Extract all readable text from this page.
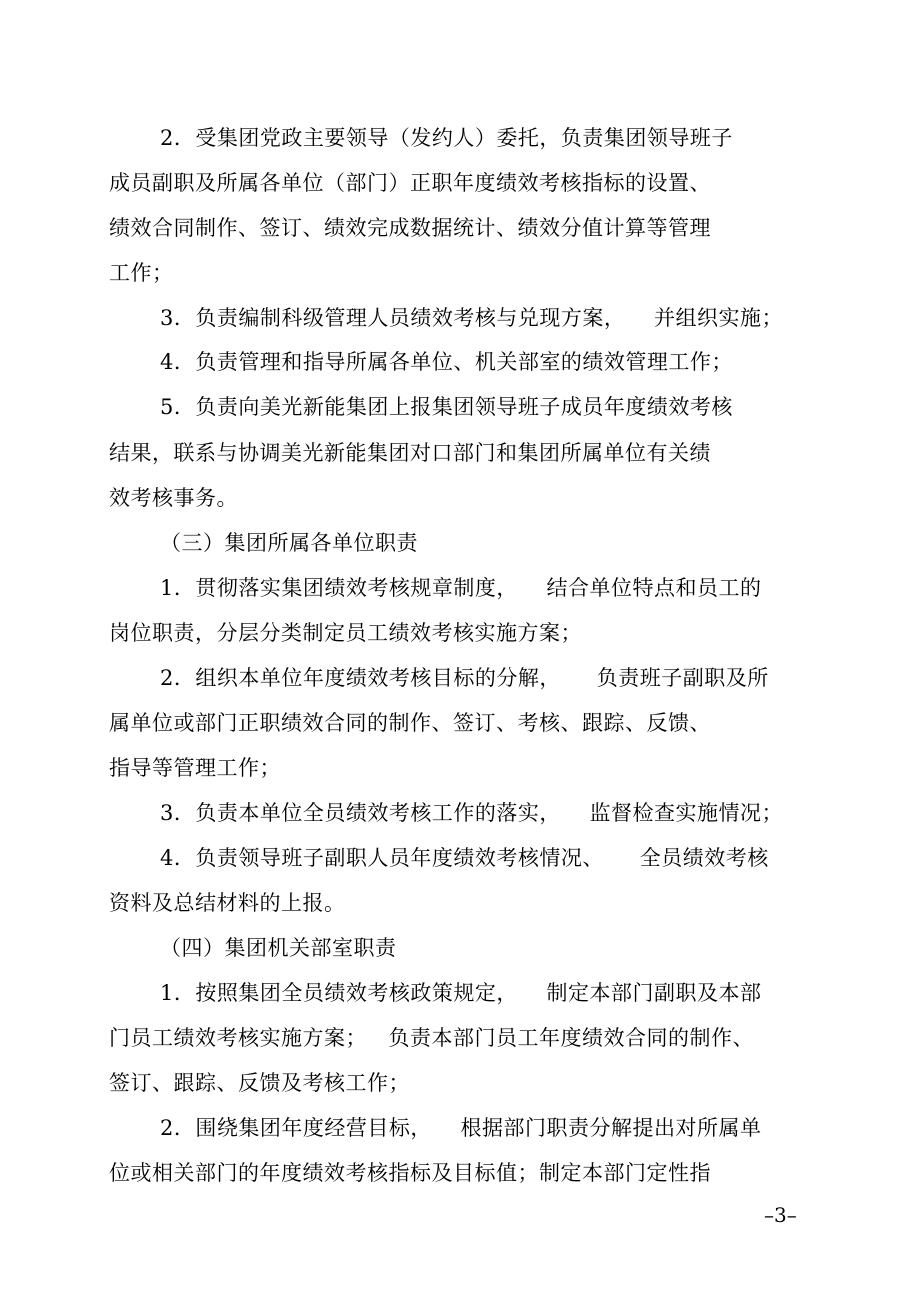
2．受集团党政主要领导（发约人）委托，负责集团领导班子
成员副职及所属各单位（部门）正职年度绩效考核指标的设置、
绩效合同制作、签订、绩效完成数据统计、绩效分值计算等管理
工作；
3．负责编制科级管理人员绩效考核与兑现方案，    并组织实施；
4．负责管理和指导所属各单位、机关部室的绩效管理工作；
5．负责向美光新能集团上报集团领导班子成员年度绩效考核
结果，联系与协调美光新能集团对口部门和集团所属单位有关绩
效考核事务。
（三）集团所属各单位职责
1．贯彻落实集团绩效考核规章制度，    结合单位特点和员工的
岗位职责，分层分类制定员工绩效考核实施方案；
2．组织本单位年度绩效考核目标的分解，     负责班子副职及所
属单位或部门正职绩效合同的制作、签订、考核、跟踪、反馈、
指导等管理工作；
3．负责本单位全员绩效考核工作的落实，    监督检查实施情况；
4．负责领导班子副职人员年度绩效考核情况、     全员绩效考核
资料及总结材料的上报。
（四）集团机关部室职责
1．按照集团全员绩效考核政策规定，    制定本部门副职及本部
门员工绩效考核实施方案；   负责本部门员工年度绩效合同的制作、
签订、跟踪、反馈及考核工作；
2．围绕集团年度经营目标，    根据部门职责分解提出对所属单
位或相关部门的年度绩效考核指标及目标值；制定本部门定性指
–3–
